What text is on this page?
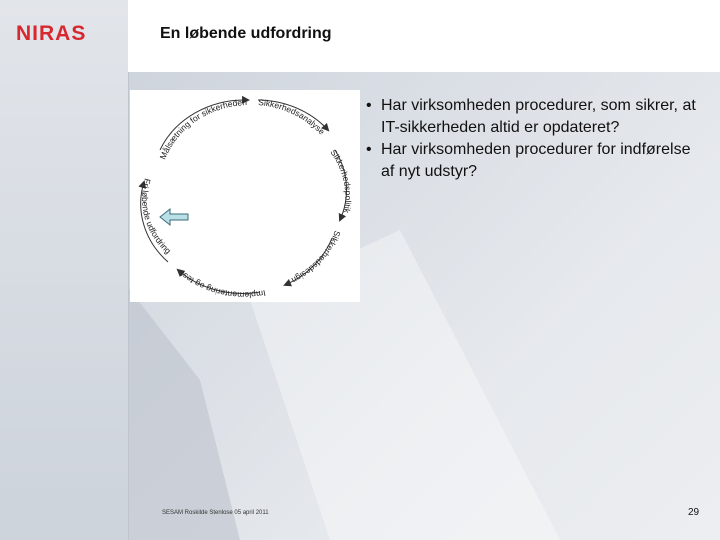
NIRAS	En løbende udfordring
Sikkerhedsanalyse
Sikkerhedspolitik
Sikkerhedsdesign
Implementering og test
Fri løbende udfordring
Målsætning for sikkerheden
•	Har virksomheden procedurer, som sikrer, at IT-sikkerheden altid er opdateret?
• Har virksomheden procedurer for indførelse af nyt udstyr?
SESAM Roskilde Stenlose 05 april 2011	29
